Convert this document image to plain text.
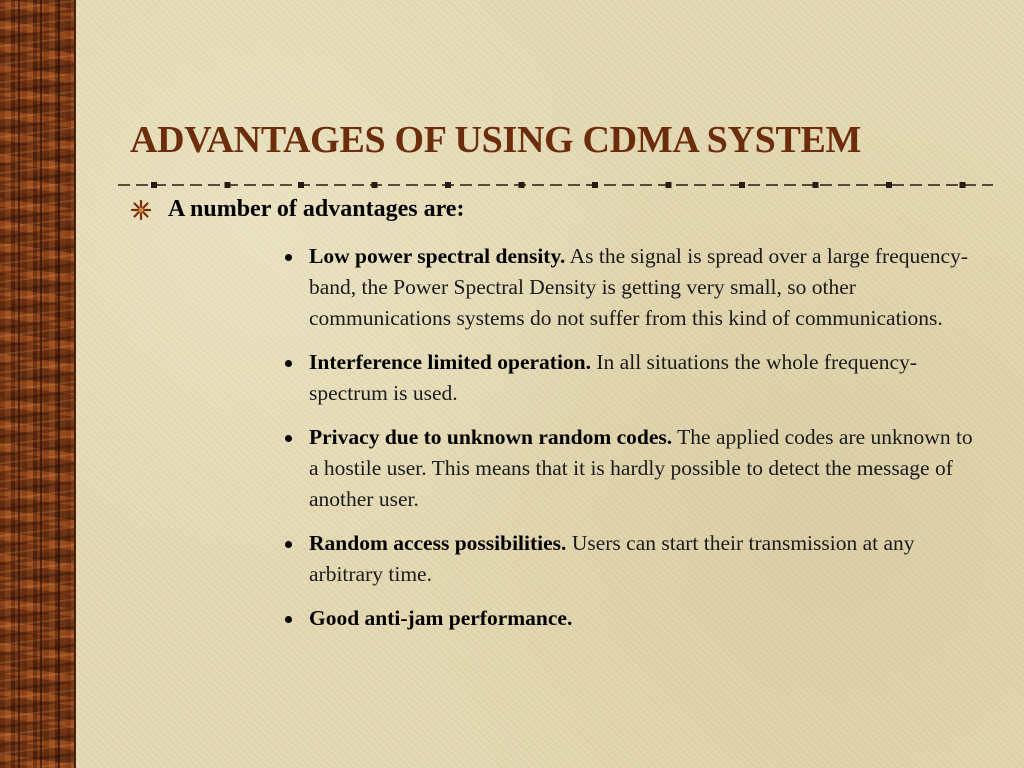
ADVANTAGES OF USING CDMA SYSTEM
A number of advantages are:
Low power spectral density. As the signal is spread over a large frequency-band, the Power Spectral Density is getting very small, so other communications systems do not suffer from this kind of communications.
Interference limited operation. In all situations the whole frequency-spectrum is used.
Privacy due to unknown random codes. The applied codes are unknown to a hostile user. This means that it is hardly possible to detect the message of another user.
Random access possibilities. Users can start their transmission at any arbitrary time.
Good anti-jam performance.
